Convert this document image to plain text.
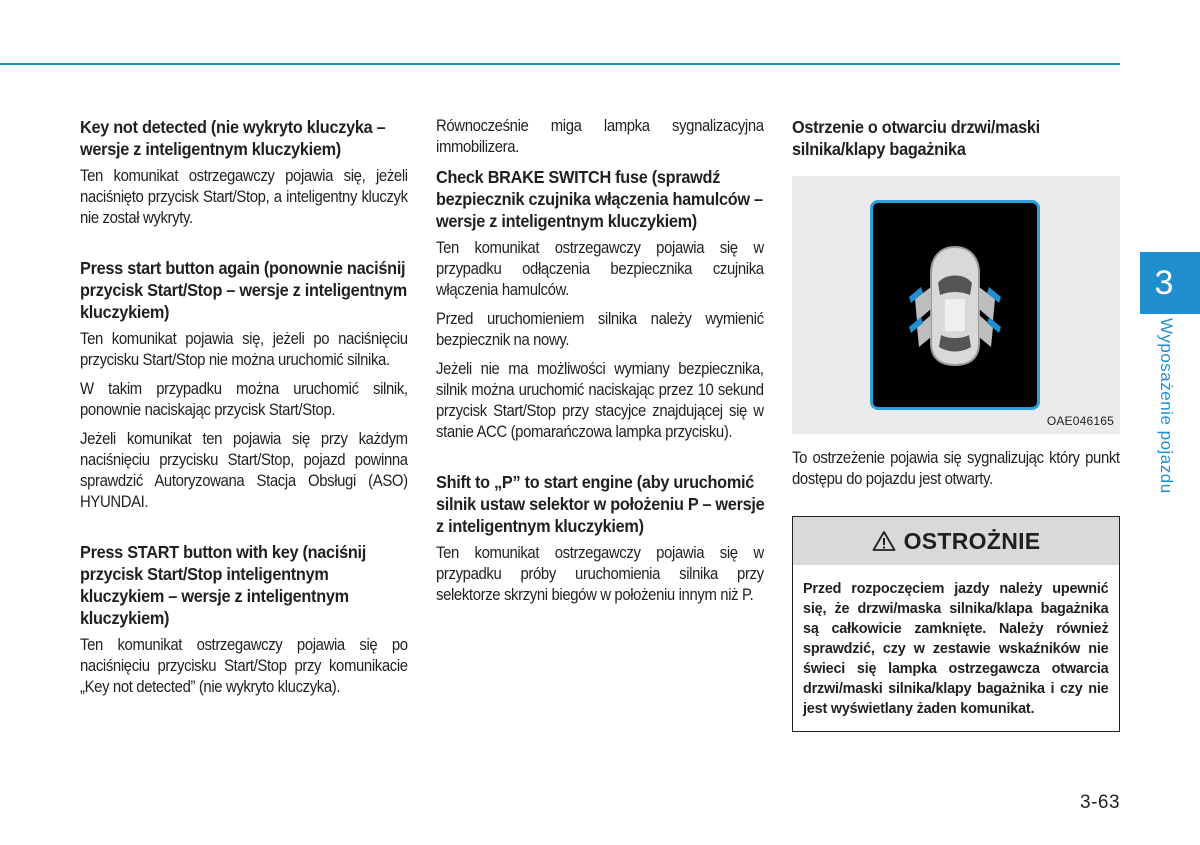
Key not detected (nie wykryto kluczyka – wersje z inteligentnym kluczykiem)

Ten komunikat ostrzegawczy pojawia się, jeżeli naciśnięto przycisk Start/Stop, a inteligentny kluczyk nie został wykryty.

Press start button again (ponownie naciśnij przycisk Start/Stop – wersje z inteligentnym kluczykiem)

Ten komunikat pojawia się, jeżeli po naciśnięciu przycisku Start/Stop nie można uruchomić silnika.

W takim przypadku można uruchomić silnik, ponownie naciskając przycisk Start/Stop.

Jeżeli komunikat ten pojawia się przy każdym naciśnięciu przycisku Start/Stop, pojazd powinna sprawdzić Autoryzowana Stacja Obsługi (ASO) HYUNDAI.

Press START button with key (naciśnij przycisk Start/Stop inteligentnym kluczykiem – wersje z inteligentnym kluczykiem)

Ten komunikat ostrzegawczy pojawia się po naciśnięciu przycisku Start/Stop przy komunikacie „Key not detected” (nie wykryto kluczyka).

Równocześnie miga lampka sygnalizacyjna immobilizera.

Check BRAKE SWITCH fuse (sprawdź bezpiecznik czujnika włączenia hamulców – wersje z inteligentnym kluczykiem)

Ten komunikat ostrzegawczy pojawia się w przypadku odłączenia bezpiecznika czujnika włączenia hamulców.

Przed uruchomieniem silnika należy wymienić bezpiecznik na nowy.

Jeżeli nie ma możliwości wymiany bezpiecznika, silnik można uruchomić naciskając przez 10 sekund przycisk Start/Stop przy stacyjce znajdującej się w stanie ACC (pomarańczowa lampka przycisku).

Shift to „P” to start engine (aby uruchomić silnik ustaw selektor w położeniu P – wersje z inteligentnym kluczykiem)

Ten komunikat ostrzegawczy pojawia się w przypadku próby uruchomienia silnika przy selektorze skrzyni biegów w położeniu innym niż P.

Ostrzenie o otwarciu drzwi/maski silnika/klapy bagażnika
OAE046165

To ostrzeżenie pojawia się sygnalizując który punkt dostępu do pojazdu jest otwarty.

OSTROŻNIE
Przed rozpoczęciem jazdy należy upewnić się, że drzwi/maska silnika/klapa bagażnika są całkowicie zamknięte. Należy również sprawdzić, czy w zestawie wskaźników nie świeci się lampka ostrzegawcza otwarcia drzwi/maski silnika/klapy bagażnika i czy nie jest wyświetlany żaden komunikat.
3
Wyposażenie pojazdu
3-63
